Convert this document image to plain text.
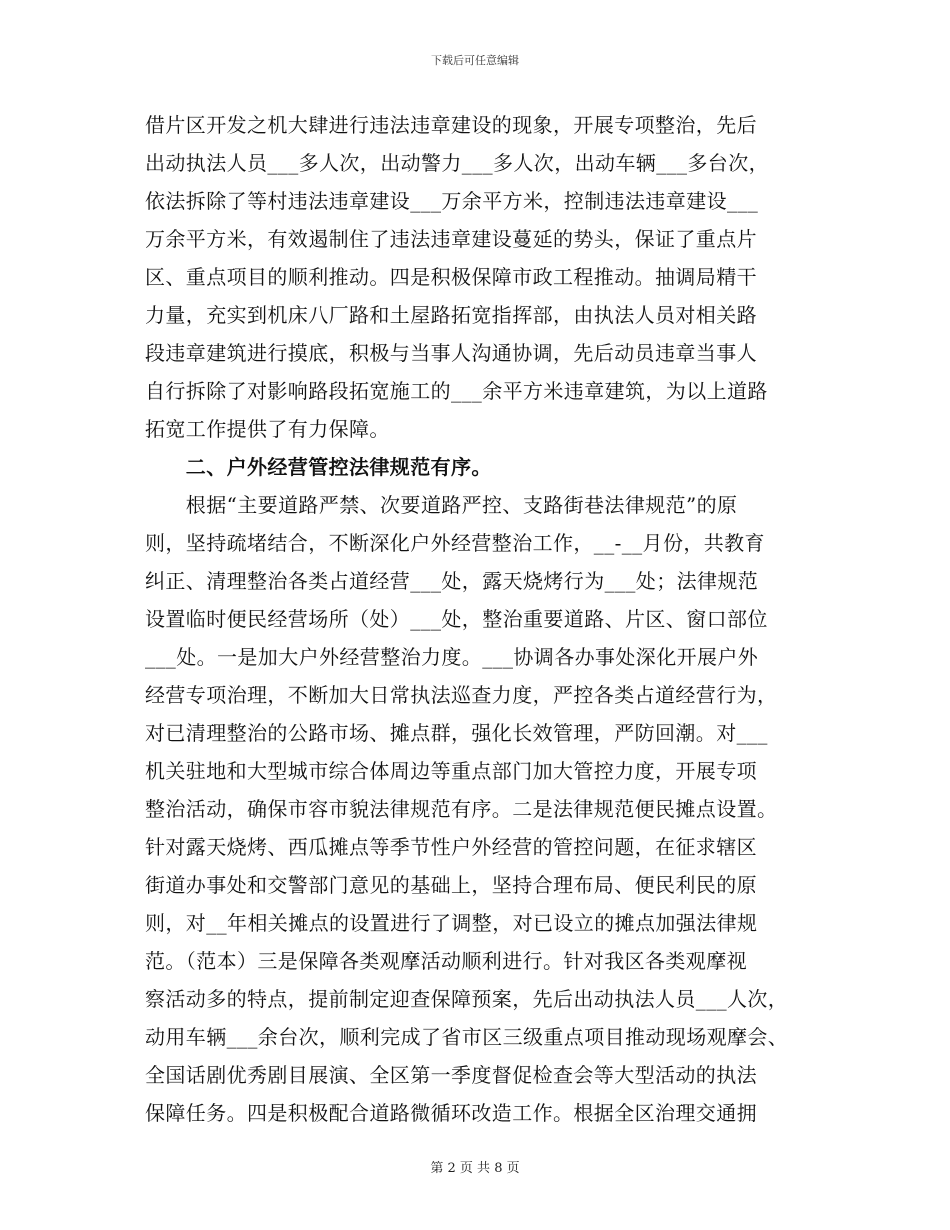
下载后可任意编辑
借片区开发之机大肆进行违法违章建设的现象，开展专项整治，先后
出动执法人员___多人次，出动警力___多人次，出动车辆___多台次，
依法拆除了等村违法违章建设___万余平方米，控制违法违章建设___
万余平方米，有效遏制住了违法违章建设蔓延的势头，保证了重点片
区、重点项目的顺利推动。四是积极保障市政工程推动。抽调局精干
力量，充实到机床八厂路和土屋路拓宽指挥部，由执法人员对相关路
段违章建筑进行摸底，积极与当事人沟通协调，先后动员违章当事人
自行拆除了对影响路段拓宽施工的___余平方米违章建筑，为以上道路
拓宽工作提供了有力保障。
　　二、户外经营管控法律规范有序。
　　根据“主要道路严禁、次要道路严控、支路街巷法律规范”的原
则，坚持疏堵结合，不断深化户外经营整治工作，__-__月份，共教育
纠正、清理整治各类占道经营___处，露天烧烤行为___处；法律规范
设置临时便民经营场所（处）___处，整治重要道路、片区、窗口部位
___处。一是加大户外经营整治力度。___协调各办事处深化开展户外
经营专项治理，不断加大日常执法巡查力度，严控各类占道经营行为，
对已清理整治的公路市场、摊点群，强化长效管理，严防回潮。对___
机关驻地和大型城市综合体周边等重点部门加大管控力度，开展专项
整治活动，确保市容市貌法律规范有序。二是法律规范便民摊点设置。
针对露天烧烤、西瓜摊点等季节性户外经营的管控问题，在征求辖区
街道办事处和交警部门意见的基础上，坚持合理布局、便民利民的原
则，对__年相关摊点的设置进行了调整，对已设立的摊点加强法律规
范。（范本）三是保障各类观摩活动顺利进行。针对我区各类观摩视
察活动多的特点，提前制定迎查保障预案，先后出动执法人员___人次，
动用车辆___余台次，顺利完成了省市区三级重点项目推动现场观摩会、
全国话剧优秀剧目展演、全区第一季度督促检查会等大型活动的执法
保障任务。四是积极配合道路微循环改造工作。根据全区治理交通拥
第 2 页 共 8 页
